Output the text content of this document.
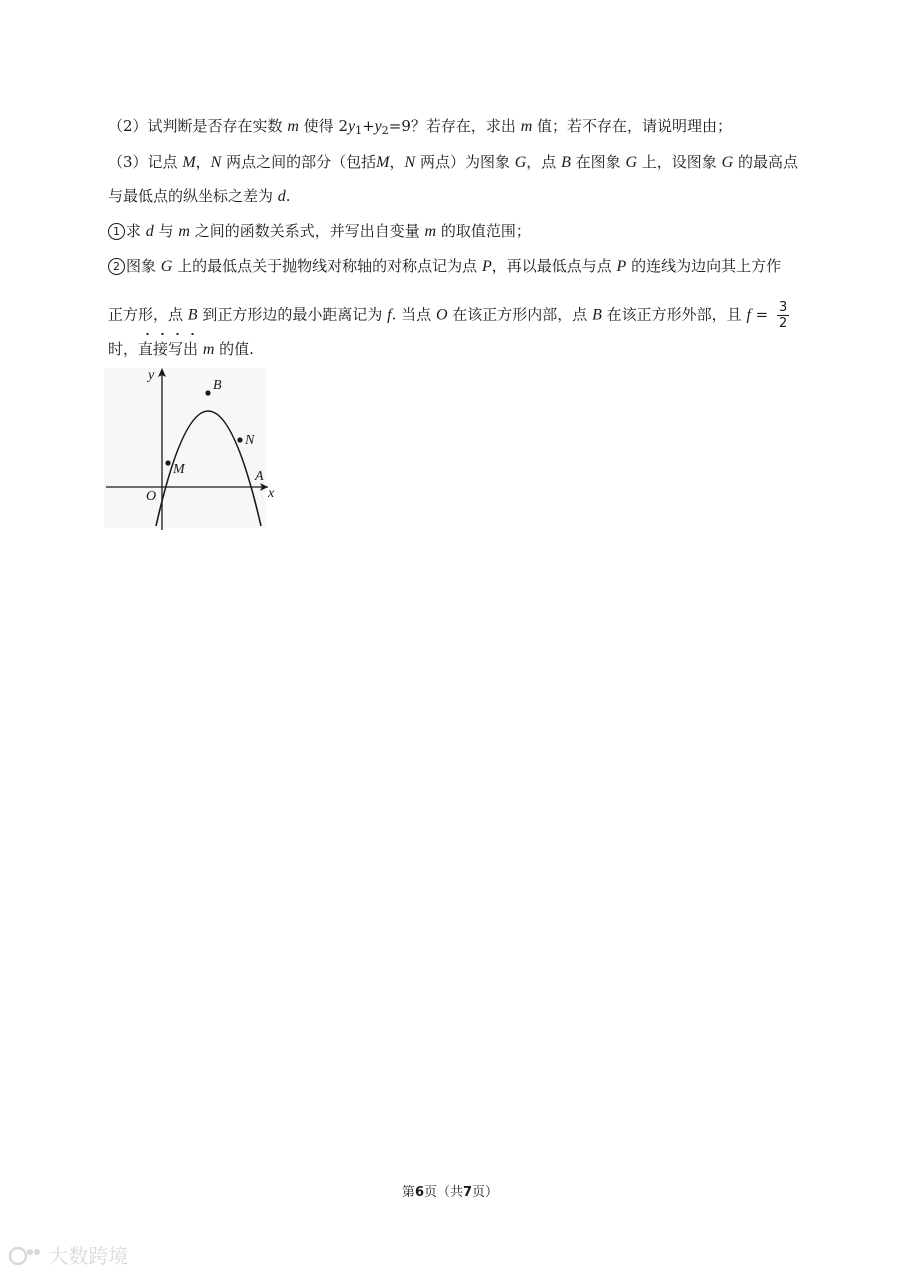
（2）试判断是否存在实数 m 使得 $2y_1+y_2=9$？若存在，求出 m 值；若不存在，请说明理由；
（3）记点 M，N 两点之间的部分（包括M，N 两点）为图象 G，点 B 在图象 G 上，设图象 G 的最高点
与最低点的纵坐标之差为 d.
1 求 d 与 m 之间的函数关系式，并写出自变量 m 的取值范围；
2 图象 G 上的最低点关于抛物线对称轴的对称点记为点 P，再以最低点与点 P 的连线为边向其上方作
正方形，点 B 到正方形边的最小距离记为 f. 当点 O 在该正方形内部，点 B 在该正方形外部，且 $f = \frac{3}{2}$
时，直接写出 m 的值.
y
x
O
B
N
M	A
第6页（共7页）
大数跨境
